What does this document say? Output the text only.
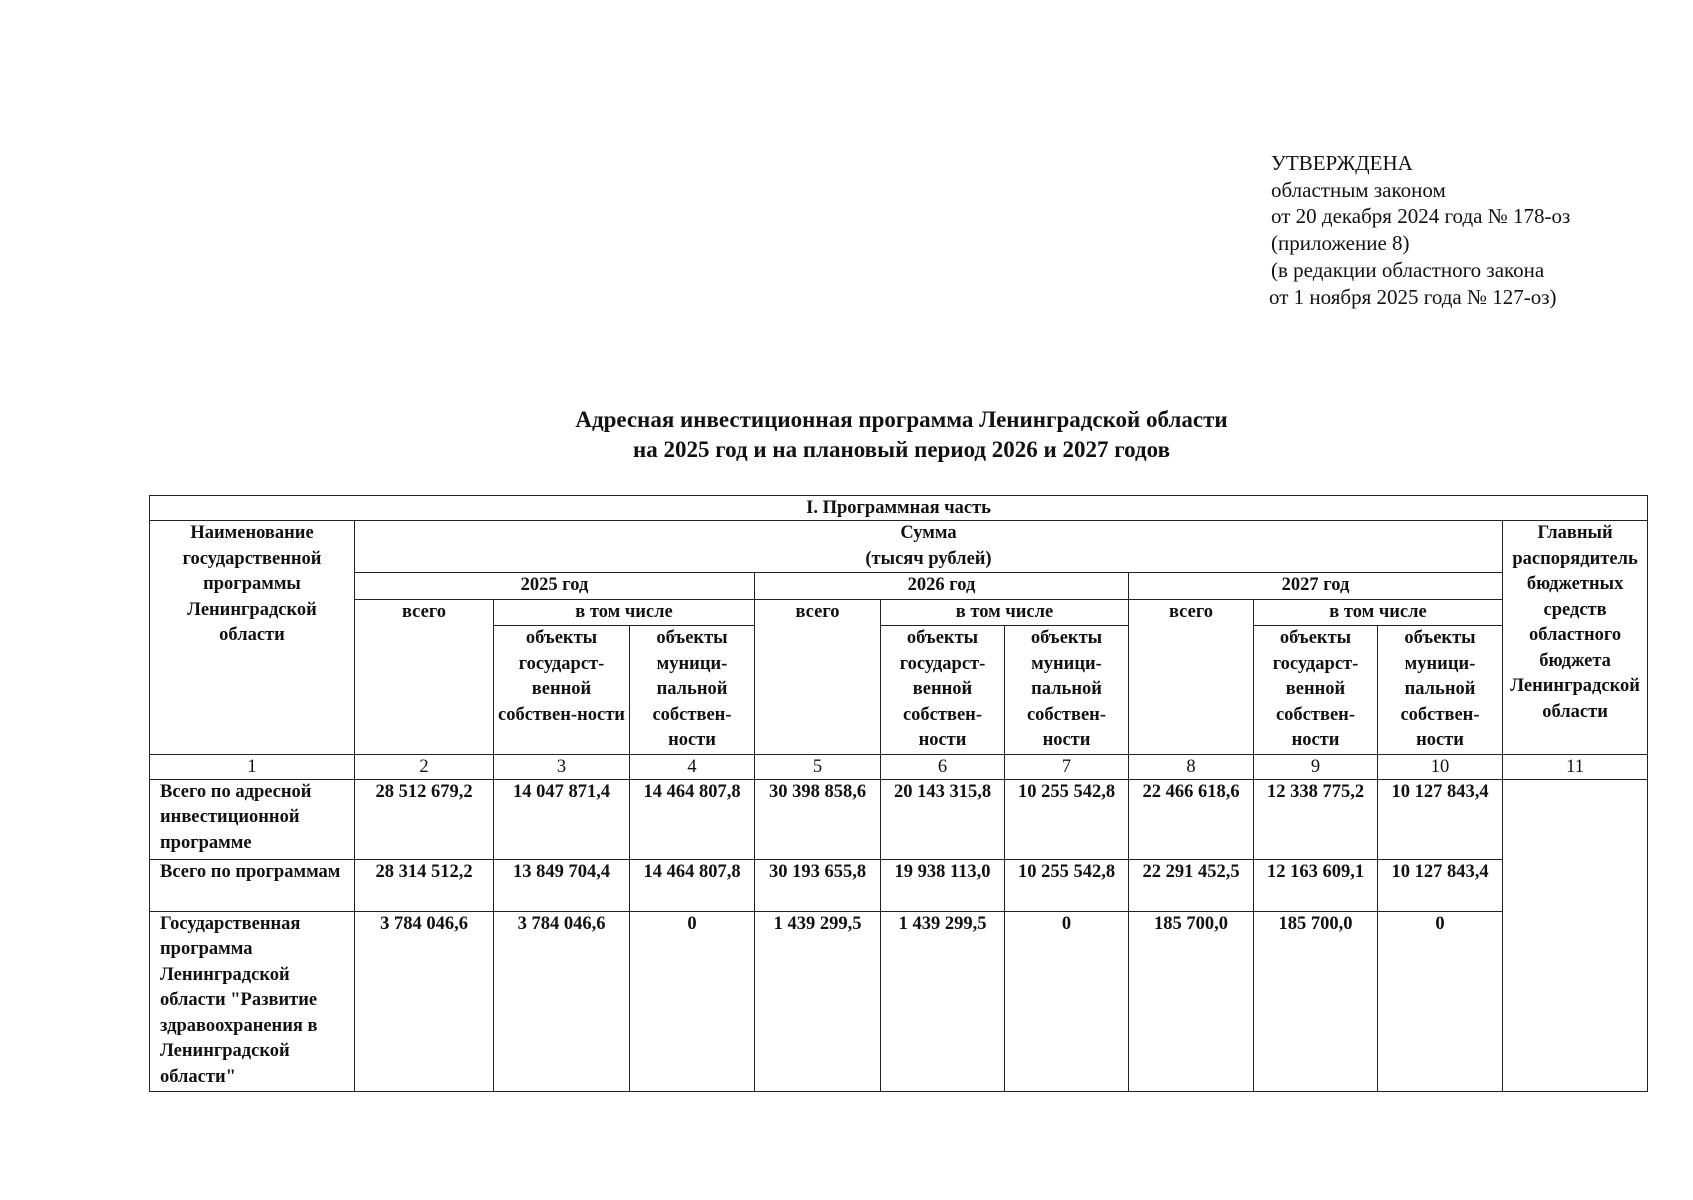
УТВЕРЖДЕНА
областным законом
от 20 декабря 2024 года № 178-оз
(приложение 8)
(в редакции областного закона
от 1 ноября 2025 года № 127-оз)
Адресная инвестиционная программа Ленинградской области
на 2025 год и на плановый период 2026 и 2027 годов
I. Программная часть										
Наименование государственной программы Ленинградской области	Сумма
(тысяч рублей)									Главный распорядитель бюджетных средств областного бюджета Ленинградской области
	2025 год			2026 год			2027 год			
	всего	в том числе		всего	в том числе		всего	в том числе		
		объекты государст-венной собствен-ности	объекты муници-пальной собствен-ности		объекты государст-венной собствен-ности	объекты муници-пальной собствен-ности		объекты государст-венной собствен-ности	объекты муници-пальной собствен-ности	
1	2	3	4	5	6	7	8	9	10	11
Всего по адресной инвестиционной программе	28 512 679,2	14 047 871,4	14 464 807,8	30 398 858,6	20 143 315,8	10 255 542,8	22 466 618,6	12 338 775,2	10 127 843,4	
Всего по программам	28 314 512,2	13 849 704,4	14 464 807,8	30 193 655,8	19 938 113,0	10 255 542,8	22 291 452,5	12 163 609,1	10 127 843,4	
Государственная программа Ленинградской области "Развитие здравоохранения в Ленинградской области"	3 784 046,6	3 784 046,6	0	1 439 299,5	1 439 299,5	0	185 700,0	185 700,0	0	
